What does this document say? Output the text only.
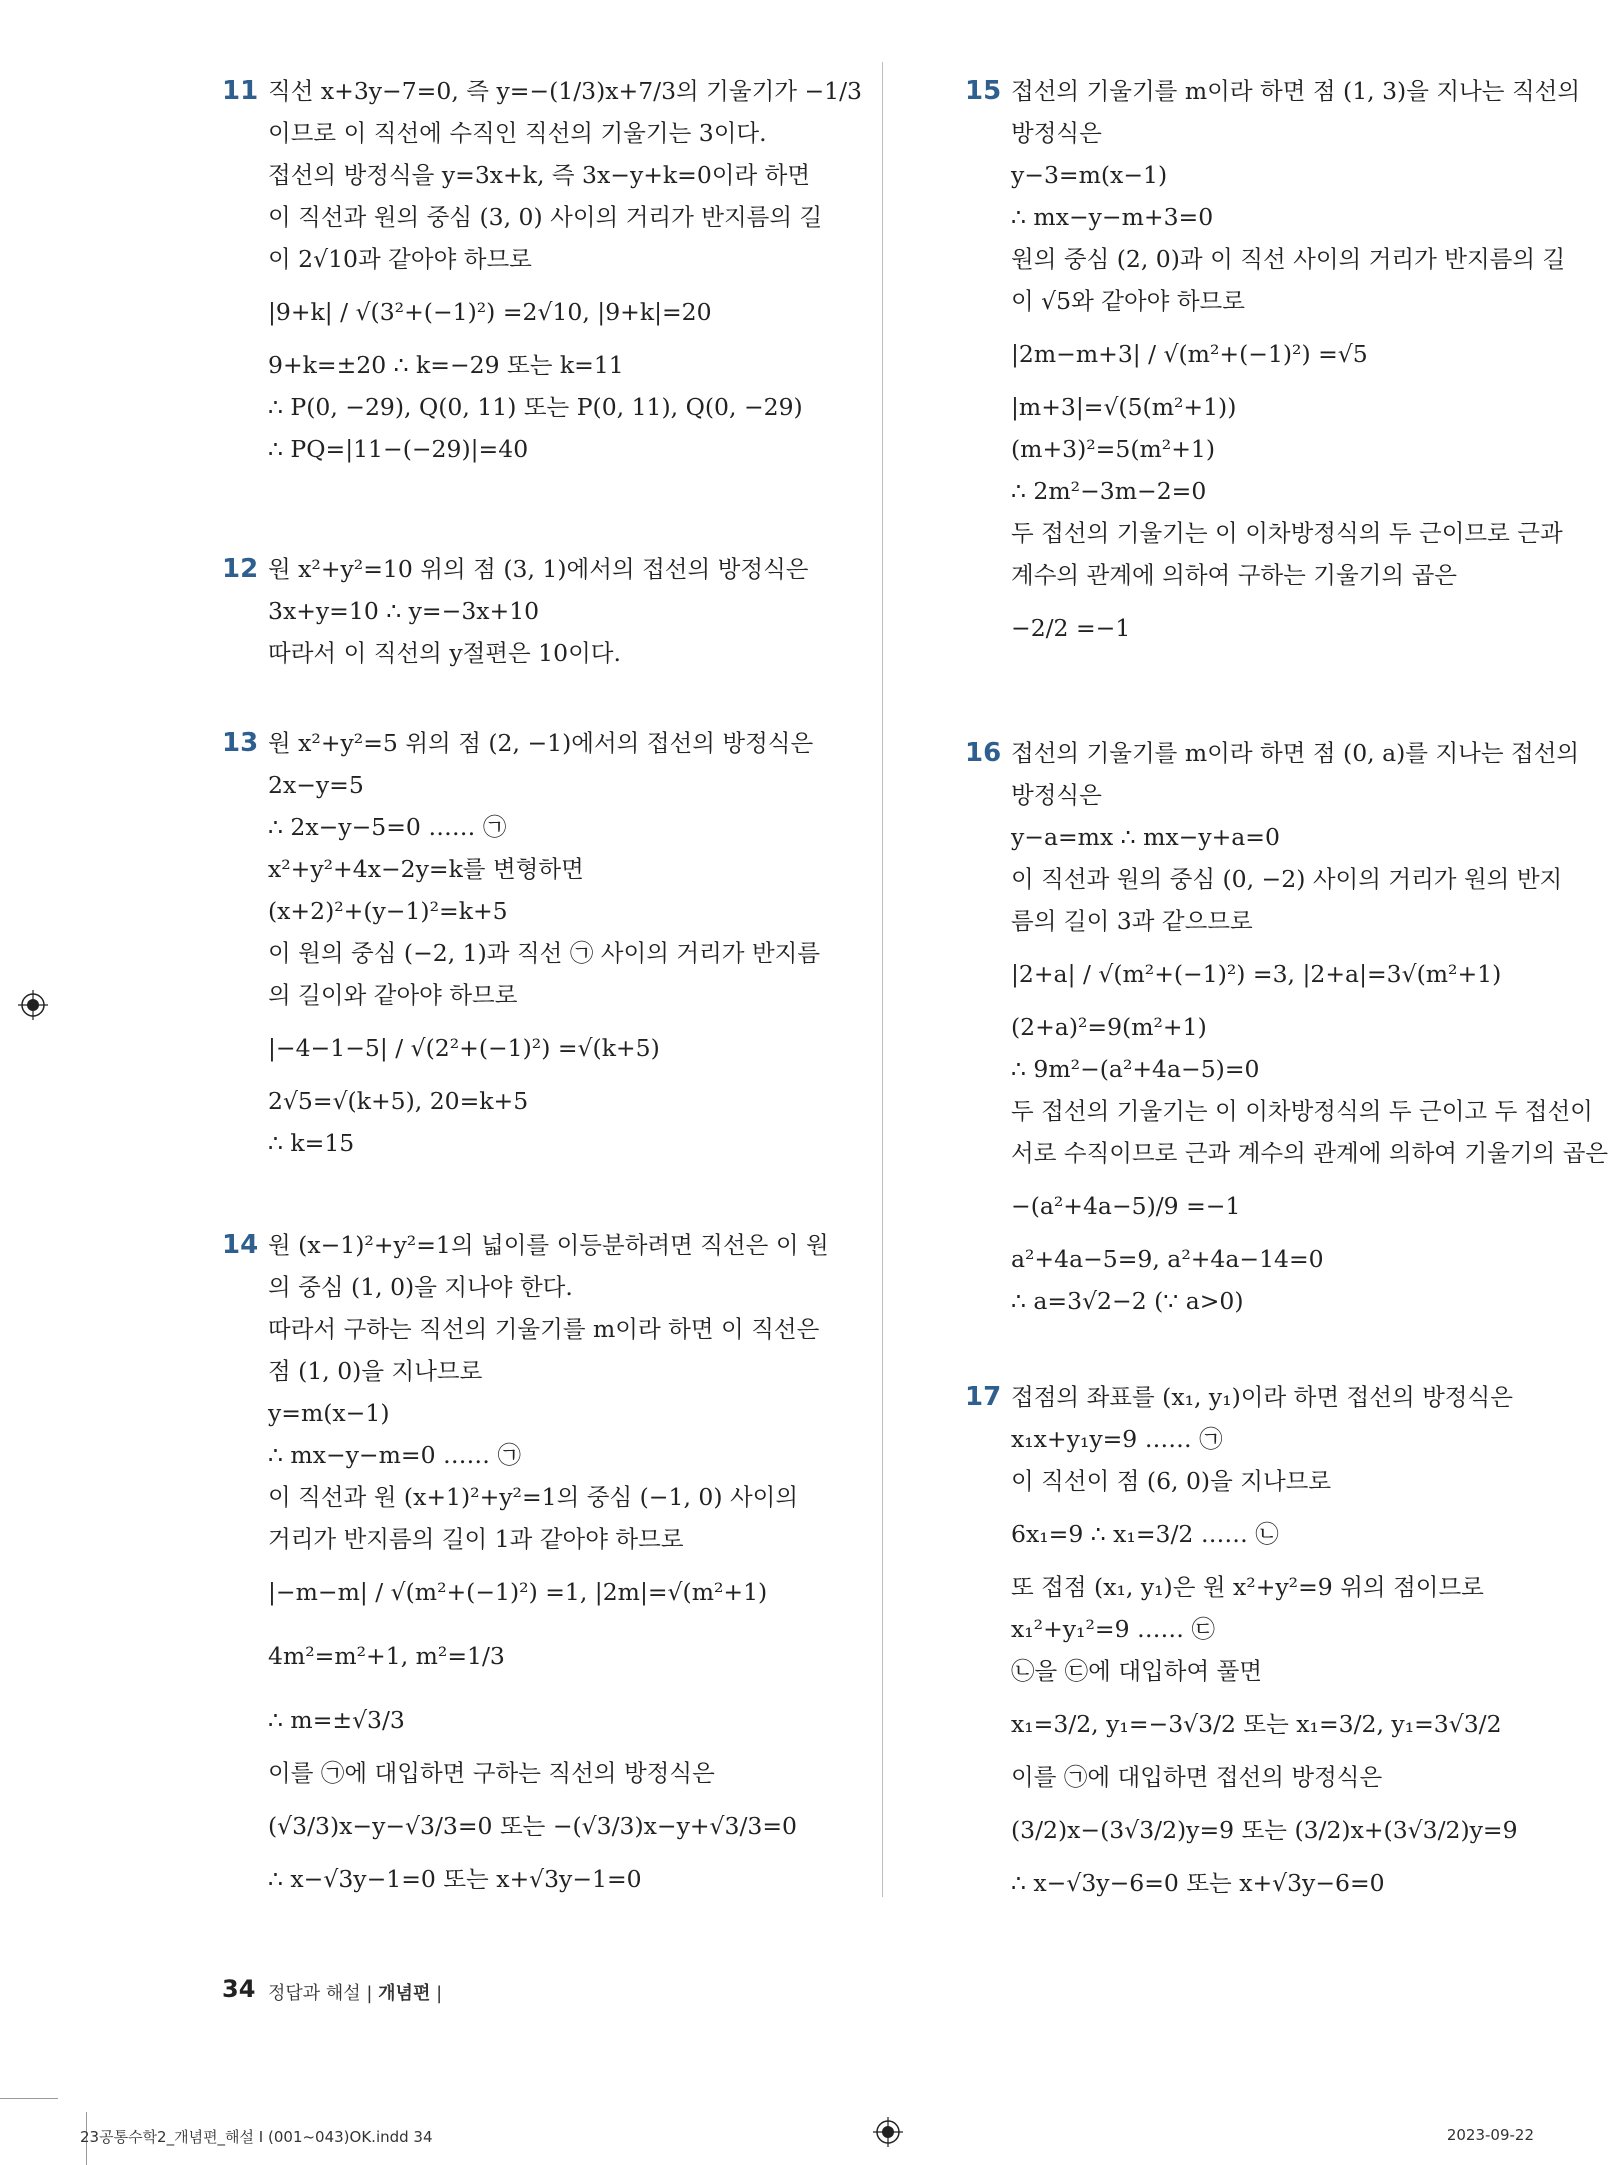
11 직선 x+3y−7=0, 즉 y=−(1/3)x+7/3의 기울기가 −1/3
이므로 이 직선에 수직인 직선의 기울기는 3이다.
접선의 방정식을 y=3x+k, 즉 3x−y+k=0이라 하면
이 직선과 원의 중심 (3, 0) 사이의 거리가 반지름의 길
이 2√10과 같아야 하므로
|9+k| / √(3²+(−1)²) =2√10, |9+k|=20
9+k=±20 ∴ k=−29 또는 k=11
∴ P(0, −29), Q(0, 11) 또는 P(0, 11), Q(0, −29)
∴ PQ=|11−(−29)|=40
12 원 x²+y²=10 위의 점 (3, 1)에서의 접선의 방정식은
3x+y=10 ∴ y=−3x+10
따라서 이 직선의 y절편은 10이다.
13 원 x²+y²=5 위의 점 (2, −1)에서의 접선의 방정식은
2x−y=5
∴ 2x−y−5=0 …… ㉠
x²+y²+4x−2y=k를 변형하면
(x+2)²+(y−1)²=k+5
이 원의 중심 (−2, 1)과 직선 ㉠ 사이의 거리가 반지름
의 길이와 같아야 하므로
|−4−1−5| / √(2²+(−1)²) =√(k+5)
2√5=√(k+5), 20=k+5
∴ k=15
14 원 (x−1)²+y²=1의 넓이를 이등분하려면 직선은 이 원
의 중심 (1, 0)을 지나야 한다.
따라서 구하는 직선의 기울기를 m이라 하면 이 직선은
점 (1, 0)을 지나므로
y=m(x−1)
∴ mx−y−m=0 …… ㉠
이 직선과 원 (x+1)²+y²=1의 중심 (−1, 0) 사이의
거리가 반지름의 길이 1과 같아야 하므로
|−m−m| / √(m²+(−1)²) =1, |2m|=√(m²+1)
4m²=m²+1, m²=1/3
∴ m=±√3/3
이를 ㉠에 대입하면 구하는 직선의 방정식은
(√3/3)x−y−√3/3=0 또는 −(√3/3)x−y+√3/3=0
∴ x−√3y−1=0 또는 x+√3y−1=0
15 접선의 기울기를 m이라 하면 점 (1, 3)을 지나는 직선의
방정식은
y−3=m(x−1)
∴ mx−y−m+3=0
원의 중심 (2, 0)과 이 직선 사이의 거리가 반지름의 길
이 √5와 같아야 하므로
|2m−m+3| / √(m²+(−1)²) =√5
|m+3|=√(5(m²+1))
(m+3)²=5(m²+1)
∴ 2m²−3m−2=0
두 접선의 기울기는 이 이차방정식의 두 근이므로 근과
계수의 관계에 의하여 구하는 기울기의 곱은
−2/2 =−1
16 접선의 기울기를 m이라 하면 점 (0, a)를 지나는 접선의
방정식은
y−a=mx ∴ mx−y+a=0
이 직선과 원의 중심 (0, −2) 사이의 거리가 원의 반지
름의 길이 3과 같으므로
|2+a| / √(m²+(−1)²) =3, |2+a|=3√(m²+1)
(2+a)²=9(m²+1)
∴ 9m²−(a²+4a−5)=0
두 접선의 기울기는 이 이차방정식의 두 근이고 두 접선이
서로 수직이므로 근과 계수의 관계에 의하여 기울기의 곱은
−(a²+4a−5)/9 =−1
a²+4a−5=9, a²+4a−14=0
∴ a=3√2−2 (∵ a>0)
17 접점의 좌표를 (x₁, y₁)이라 하면 접선의 방정식은
x₁x+y₁y=9 …… ㉠
이 직선이 점 (6, 0)을 지나므로
6x₁=9 ∴ x₁=3/2 …… ㉡
또 접점 (x₁, y₁)은 원 x²+y²=9 위의 점이므로
x₁²+y₁²=9 …… ㉢
㉡을 ㉢에 대입하여 풀면
x₁=3/2, y₁=−3√3/2 또는 x₁=3/2, y₁=3√3/2
이를 ㉠에 대입하면 접선의 방정식은
(3/2)x−(3√3/2)y=9 또는 (3/2)x+(3√3/2)y=9
∴ x−√3y−6=0 또는 x+√3y−6=0
34 정답과 해설 | 개념편 |
23공통수학2_개념편_해설 I (001~043)OK.indd 34	2023-09-22
